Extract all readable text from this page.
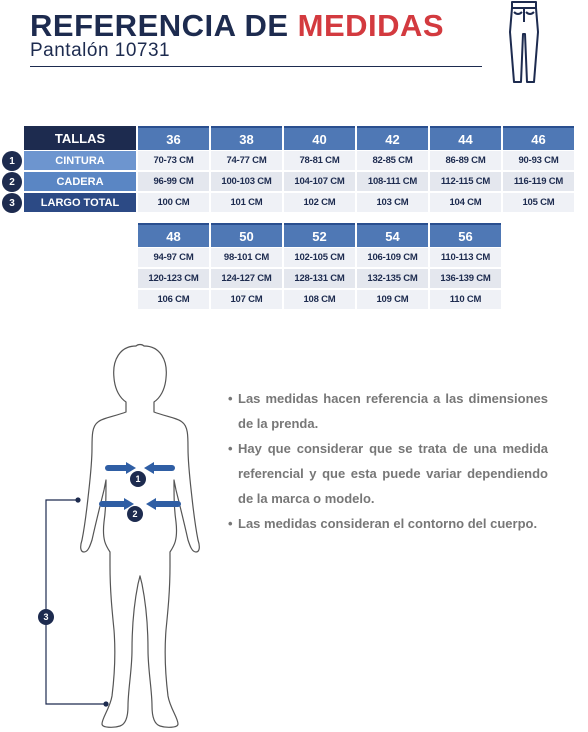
REFERENCIA DE MEDIDAS
Pantalón 10731
TALLAS
1
2
3
CINTURA
CADERA
LARGO TOTAL
36
70-73 CM
96-99 CM
100 CM
38
74-77 CM
100-103 CM
101 CM
40
78-81 CM
104-107 CM
102 CM
42
82-85 CM
108-111 CM
103 CM
44
86-89 CM
112-115 CM
104 CM
46
90-93 CM
116-119 CM
105 CM
48
94-97 CM
120-123 CM
106 CM
50
98-101 CM
124-127 CM
107 CM
52
102-105 CM
128-131 CM
108 CM
54
106-109 CM
132-135 CM
109 CM
56
110-113 CM
136-139 CM
110 CM
1
2
3

• Las medidas hacen referencia a las dimensiones de la prenda.

• Hay que considerar que se trata de una medida referencial y que esta puede variar dependiendo de la marca o modelo.

• Las medidas consideran el contorno del cuerpo.
